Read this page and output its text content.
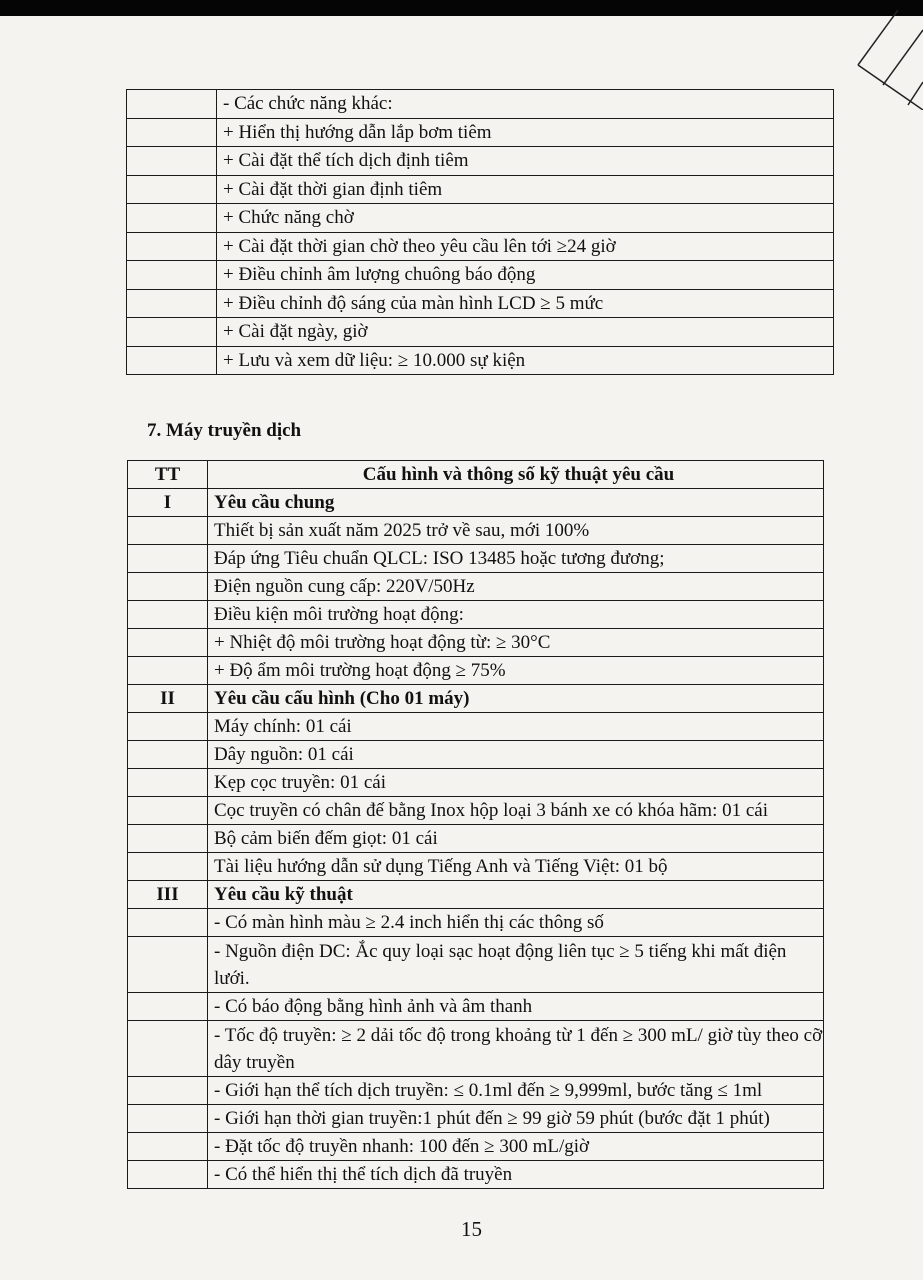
	- Các chức năng khác:
	+ Hiển thị hướng dẫn lắp bơm tiêm
	+ Cài đặt thể tích dịch định tiêm
	+ Cài đặt thời gian định tiêm
	+ Chức năng chờ
	+ Cài đặt thời gian chờ theo yêu cầu lên tới ≥24 giờ
	+ Điều chỉnh âm lượng chuông báo động
	+ Điều chỉnh độ sáng của màn hình LCD ≥ 5 mức
	+ Cài đặt ngày, giờ
	+ Lưu và xem dữ liệu: ≥ 10.000 sự kiện
7. Máy truyền dịch
TT	Cấu hình và thông số kỹ thuật yêu cầu
I	Yêu cầu chung
	Thiết bị sản xuất năm 2025 trở về sau, mới 100%
	Đáp ứng Tiêu chuẩn QLCL: ISO 13485 hoặc tương đương;
	Điện nguồn cung cấp: 220V/50Hz
	Điều kiện môi trường hoạt động:
	+ Nhiệt độ môi trường hoạt động từ: ≥ 30°C
	+ Độ ẩm môi trường hoạt động ≥ 75%
II	Yêu cầu cấu hình (Cho 01 máy)
	Máy chính: 01 cái
	Dây nguồn: 01 cái
	Kẹp cọc truyền: 01 cái
	Cọc truyền có chân đế bằng Inox hộp loại 3 bánh xe có khóa hãm: 01 cái
	Bộ cảm biến đếm giọt: 01 cái
	Tài liệu hướng dẫn sử dụng Tiếng Anh và Tiếng Việt: 01 bộ
III	Yêu cầu kỹ thuật
	- Có màn hình màu ≥ 2.4 inch hiển thị các thông số
	- Nguồn điện DC: Ắc quy loại sạc hoạt động liên tục ≥ 5 tiếng khi mất điện lưới.
	- Có báo động bằng hình ảnh và âm thanh
	- Tốc độ truyền: ≥ 2 dải tốc độ trong khoảng từ 1 đến ≥ 300 mL/ giờ tùy theo cỡ dây truyền
	- Giới hạn thể tích dịch truyền: ≤ 0.1ml đến ≥ 9,999ml, bước tăng ≤ 1ml
	- Giới hạn thời gian truyền:1 phút đến ≥ 99 giờ 59 phút (bước đặt 1 phút)
	- Đặt tốc độ truyền nhanh: 100 đến ≥ 300 mL/giờ
	- Có thể hiển thị thể tích dịch đã truyền
15
